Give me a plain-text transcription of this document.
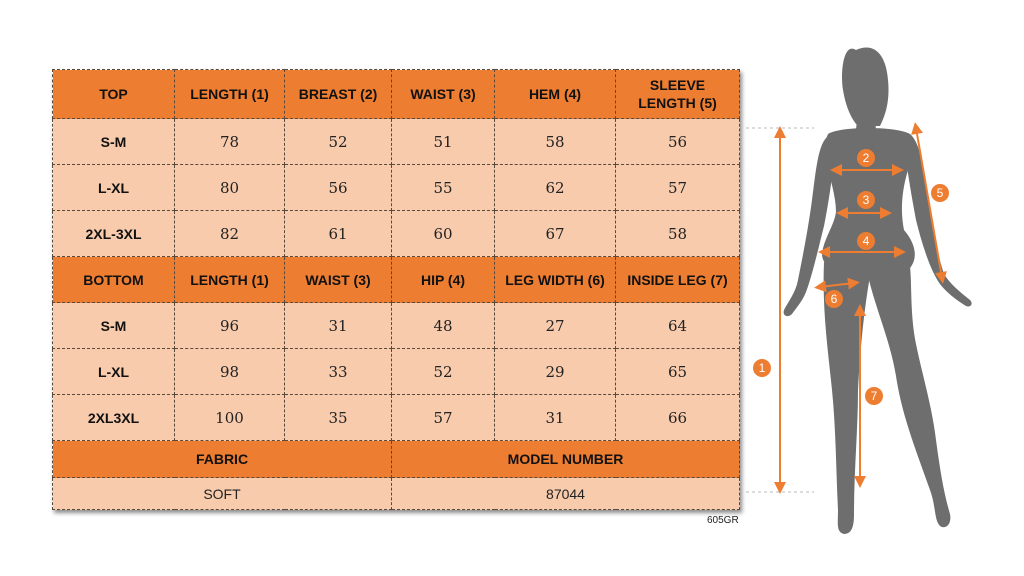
TOP	LENGTH (1)	BREAST (2)	WAIST (3)	HEM (4)	SLEEVE
LENGTH (5)
S-M	78	52	51	58	56
L-XL	80	56	55	62	57
2XL-3XL	82	61	60	67	58
BOTTOM	LENGTH (1)	WAIST (3)	HIP (4)	LEG WIDTH (6)	INSIDE LEG (7)
S-M	96	31	48	27	64
L-XL	98	33	52	29	65
2XL3XL	100	35	57	31	66
FABRIC			MODEL NUMBER		
SOFT			87044		
605GR
1
2
3
4
5
6
7
